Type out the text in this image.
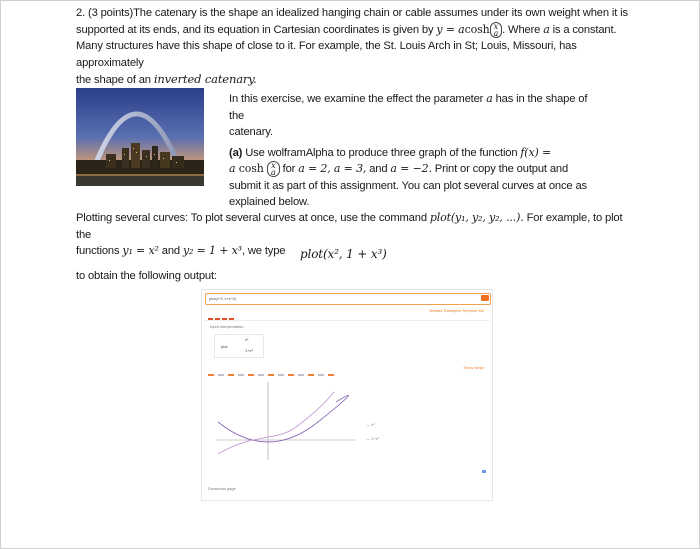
2. (3 points)The catenary is the shape an idealized hanging chain or cable assumes under its own weight when it is
supported at its ends, and its equation in Cartesian coordinates is given by y = acosh x
a . Where a is a constant.
Many structures have this shape of close to it. For example, the St. Louis Arch in St; Louis, Missouri, has approximately
the shape of an inverted catenary.
In this exercise, we examine the effect the parameter a has in the shape of the
catenary.
(a) Use wolframAlpha to produce three graph of the function f(x) =
a cosh x
a for a = 2, a = 3, and a = −2. Print or copy the output and
submit it as part of this assignment. You can plot several curves at once as
explained below.
Plotting several curves: To plot several curves at once, use the command plot(y₁, y₂, y₂, ...). For example, to plot the
functions y₁ = x² and y₂ = 1 + x³, we type	plot(x², 1 + x³)
to obtain the following output:
plot(x^2,1+x^3)
Browse Examples Surprise Me
Input interpretation:
plot
x²
1+x³
Show steps
— x²
— 1+x³
Download page
